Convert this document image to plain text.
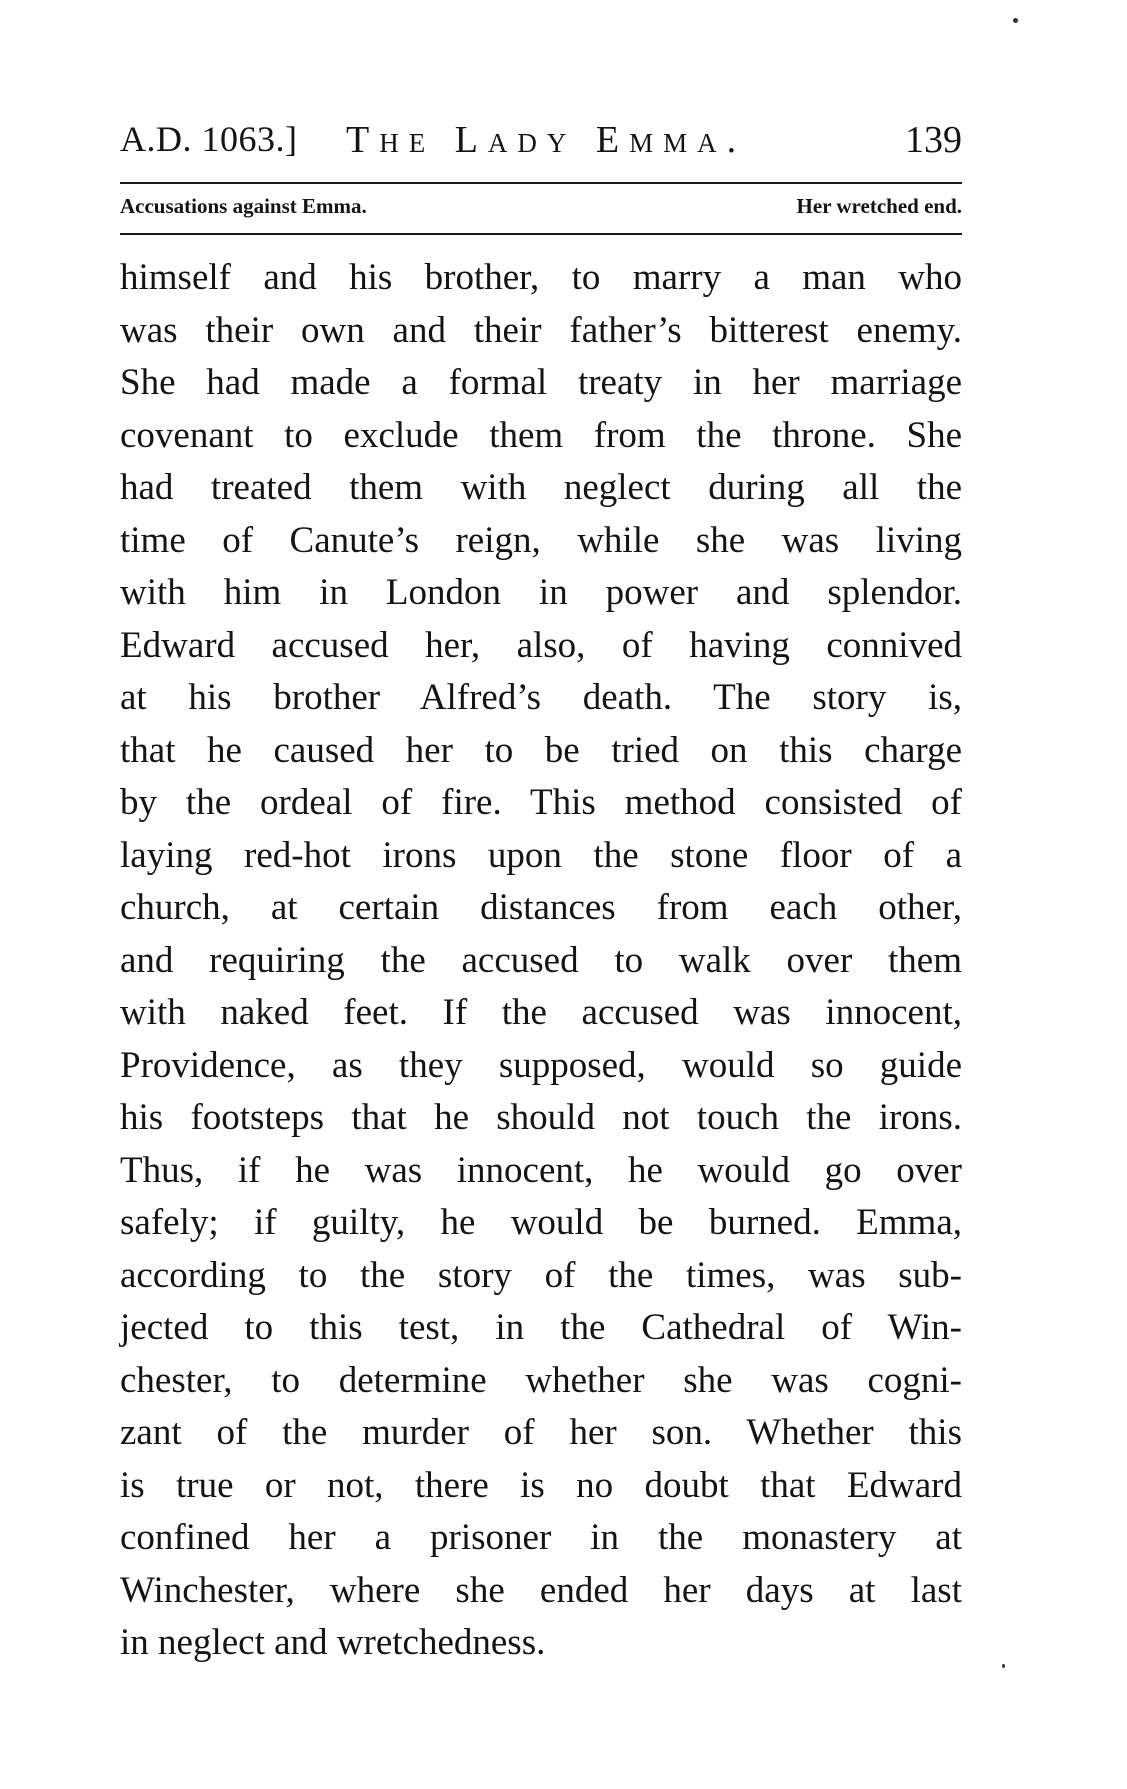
A.D. 1063.] The Lady Emma.	139
Accusations against Emma.	Her wretched end.
himself and his brother, to marry a man who
was their own and their father’s bitterest enemy.
She had made a formal treaty in her marriage
covenant to exclude them from the throne. She
had treated them with neglect during all the
time of Canute’s reign, while she was living
with him in London in power and splendor.
Edward accused her, also, of having connived
at his brother Alfred’s death. The story is,
that he caused her to be tried on this charge
by the ordeal of fire. This method consisted of
laying red-hot irons upon the stone floor of a
church, at certain distances from each other,
and requiring the accused to walk over them
with naked feet. If the accused was innocent,
Providence, as they supposed, would so guide
his footsteps that he should not touch the irons.
Thus, if he was innocent, he would go over
safely; if guilty, he would be burned. Emma,
according to the story of the times, was sub-
jected to this test, in the Cathedral of Win-
chester, to determine whether she was cogni-
zant of the murder of her son. Whether this
is true or not, there is no doubt that Edward
confined her a prisoner in the monastery at
Winchester, where she ended her days at last
in neglect and wretchedness.
